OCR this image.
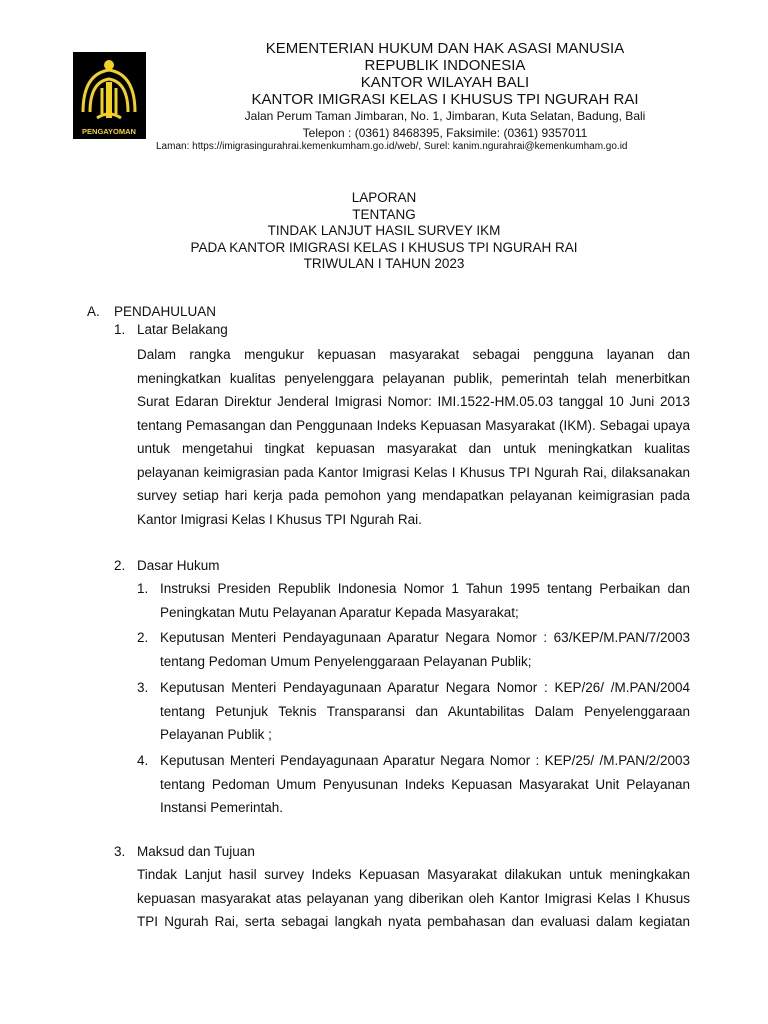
PENGAYOMAN
KEMENTERIAN HUKUM DAN HAK ASASI MANUSIA
REPUBLIK INDONESIA
KANTOR WILAYAH BALI
KANTOR IMIGRASI KELAS I KHUSUS TPI NGURAH RAI
Jalan Perum Taman Jimbaran, No. 1, Jimbaran, Kuta Selatan, Badung, Bali
Telepon : (0361) 8468395, Faksimile: (0361) 9357011
Laman: https://imigrasingurahrai.kemenkumham.go.id/web/, Surel: kanim.ngurahrai@kemenkumham.go.id
LAPORAN
TENTANG
TINDAK LANJUT HASIL SURVEY IKM
PADA KANTOR IMIGRASI KELAS I KHUSUS TPI NGURAH RAI
TRIWULAN I TAHUN 2023
A. PENDAHULUAN
1. Latar Belakang

Dalam rangka mengukur kepuasan masyarakat sebagai pengguna layanan dan meningkatkan kualitas penyelenggara pelayanan publik, pemerintah telah menerbitkan Surat Edaran Direktur Jenderal Imigrasi Nomor: IMI.1522-HM.05.03 tanggal 10 Juni 2013 tentang Pemasangan dan Penggunaan Indeks Kepuasan Masyarakat (IKM). Sebagai upaya untuk mengetahui tingkat kepuasan masyarakat dan untuk meningkatkan kualitas pelayanan keimigrasian pada Kantor Imigrasi Kelas I Khusus TPI Ngurah Rai, dilaksanakan survey setiap hari kerja pada pemohon yang mendapatkan pelayanan keimigrasian pada Kantor Imigrasi Kelas I Khusus TPI Ngurah Rai.

2. Dasar Hukum
1. Instruksi Presiden Republik Indonesia Nomor 1 Tahun 1995 tentang Perbaikan dan Peningkatan Mutu Pelayanan Aparatur Kepada Masyarakat;

2. Keputusan Menteri Pendayagunaan Aparatur Negara Nomor : 63/KEP/M.PAN/7/2003 tentang Pedoman Umum Penyelenggaraan Pelayanan Publik;

3. Keputusan Menteri Pendayagunaan Aparatur Negara Nomor : KEP/26/ /M.PAN/2004 tentang Petunjuk Teknis Transparansi dan Akuntabilitas Dalam Penyelenggaraan Pelayanan Publik ;

4. Keputusan Menteri Pendayagunaan Aparatur Negara Nomor : KEP/25/ /M.PAN/2/2003 tentang Pedoman Umum Penyusunan Indeks Kepuasan Masyarakat Unit Pelayanan Instansi Pemerintah.

3. Maksud dan Tujuan

Tindak Lanjut hasil survey Indeks Kepuasan Masyarakat dilakukan untuk meningkakan kepuasan masyarakat atas pelayanan yang diberikan oleh Kantor Imigrasi Kelas I Khusus TPI Ngurah Rai, serta sebagai langkah nyata pembahasan dan evaluasi dalam kegiatan
